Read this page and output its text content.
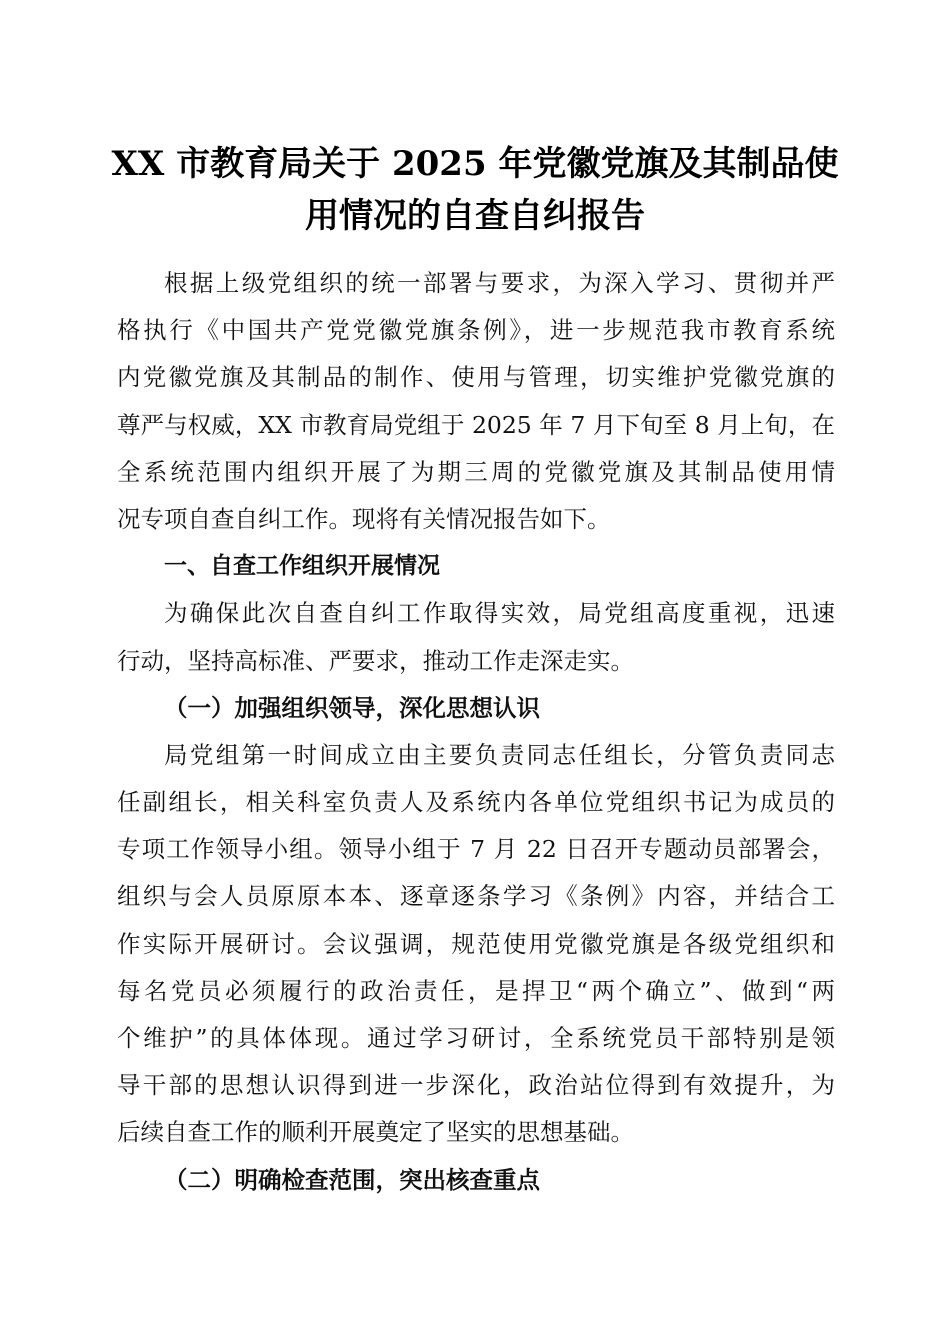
XX 市教育局关于 2025 年党徽党旗及其制品使
用情况的自查自纠报告
根据上级党组织的统一部署与要求，为深入学习、贯彻并严
格执行《中国共产党党徽党旗条例》，进一步规范我市教育系统
内党徽党旗及其制品的制作、使用与管理，切实维护党徽党旗的
尊严与权威，XX 市教育局党组于 2025 年 7 月下旬至 8 月上旬，在
全系统范围内组织开展了为期三周的党徽党旗及其制品使用情
况专项自查自纠工作。现将有关情况报告如下。
一、自查工作组织开展情况
为确保此次自查自纠工作取得实效，局党组高度重视，迅速
行动，坚持高标准、严要求，推动工作走深走实。
（一）加强组织领导，深化思想认识
局党组第一时间成立由主要负责同志任组长，分管负责同志
任副组长，相关科室负责人及系统内各单位党组织书记为成员的
专项工作领导小组。领导小组于 7 月 22 日召开专题动员部署会，
组织与会人员原原本本、逐章逐条学习《条例》内容，并结合工
作实际开展研讨。会议强调，规范使用党徽党旗是各级党组织和
每名党员必须履行的政治责任，是捍卫“两个确立”、做到“两
个维护”的具体体现。通过学习研讨，全系统党员干部特别是领
导干部的思想认识得到进一步深化，政治站位得到有效提升，为
后续自查工作的顺利开展奠定了坚实的思想基础。
（二）明确检查范围，突出核查重点
